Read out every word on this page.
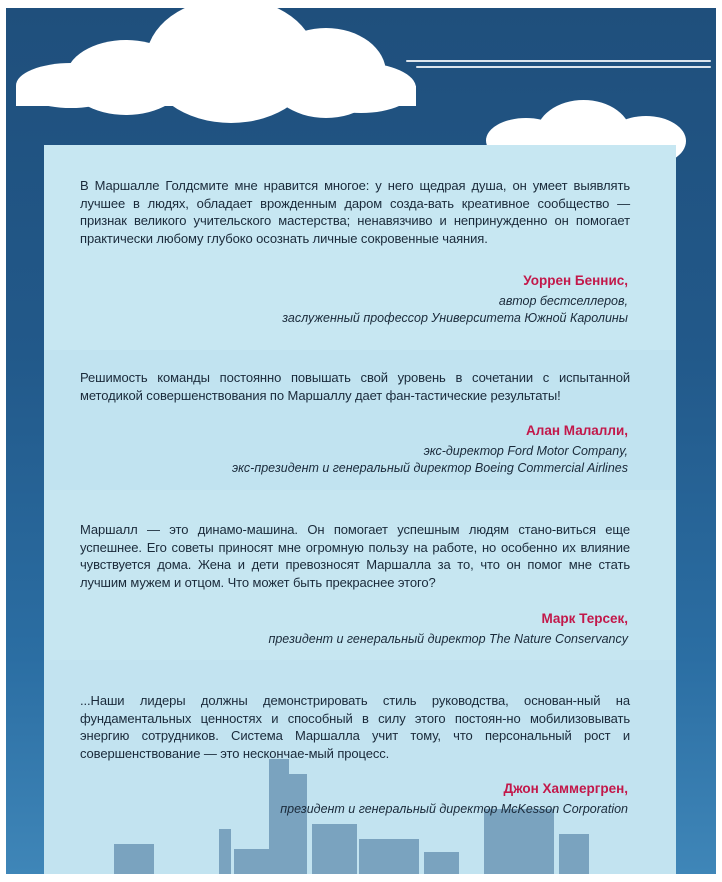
В Маршалле Голдсмите мне нравится многое: у него щедрая душа, он умеет выявлять лучшее в людях, обладает врожденным даром созда-вать креативное сообщество — признак великого учительского мастерства; ненавязчиво и непринужденно он помогает практически любому глубоко осознать личные сокровенные чаяния.
Уоррен Беннис,
автор бестселлеров,
заслуженный профессор Университета Южной Каролины
Решимость команды постоянно повышать свой уровень в сочетании с испытанной методикой совершенствования по Маршаллу дает фан-тастические результаты!
Алан Малалли,
экс-директор Ford Motor Company,
экс-президент и генеральный директор Boeing Commercial Airlines
Маршалл — это динамо-машина. Он помогает успешным людям стано-виться еще успешнее. Его советы приносят мне огромную пользу на работе, но особенно их влияние чувствуется дома. Жена и дети превозносят Маршалла за то, что он помог мне стать лучшим мужем и отцом. Что может быть прекраснее этого?
Марк Терсек,
президент и генеральный директор The Nature Conservancy
...Наши лидеры должны демонстрировать стиль руководства, основан-ный на фундаментальных ценностях и способный в силу этого постоян-но мобилизовывать энергию сотрудников. Система Маршалла учит тому, что персональный рост и совершенствование — это нескончае-мый процесс.
Джон Хаммергрен,
президент и генеральный директор McKesson Corporation
